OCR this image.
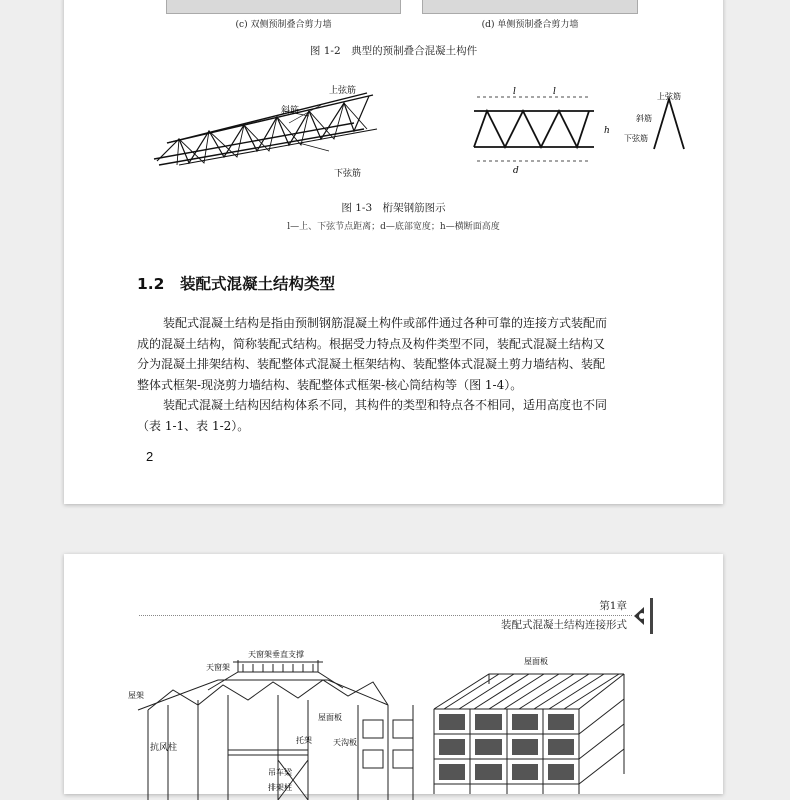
(c) 双侧预制叠合剪力墙	(d) 单侧预制叠合剪力墙
图 1-2　典型的预制叠合混凝土构件
上弦筋
斜筋
下弦筋
l	l
d
h
上弦筋
斜筋
下弦筋
图 1-3　桁架钢筋图示
l—上、下弦节点距离；d—底部宽度；h—横断面高度
1.2　装配式混凝土结构类型
装配式混凝土结构是指由预制钢筋混凝土构件或部件通过各种可靠的连接方式装配而
成的混凝土结构，简称装配式结构。根据受力特点及构件类型不同，装配式混凝土结构又
分为混凝土排架结构、装配整体式混凝土框架结构、装配整体式混凝土剪力墙结构、装配
整体式框架-现浇剪力墙结构、装配整体式框架-核心筒结构等（图 1-4）。
装配式混凝土结构因结构体系不同，其构件的类型和特点各不相同，适用高度也不同
（表 1-1、表 1-2）。
2
第1章
装配式混凝土结构连接形式
天窗架
天窗架垂直支撑
屋架
屋面板
抗风柱
天沟板
托架
吊车梁
排架柱
屋面板
